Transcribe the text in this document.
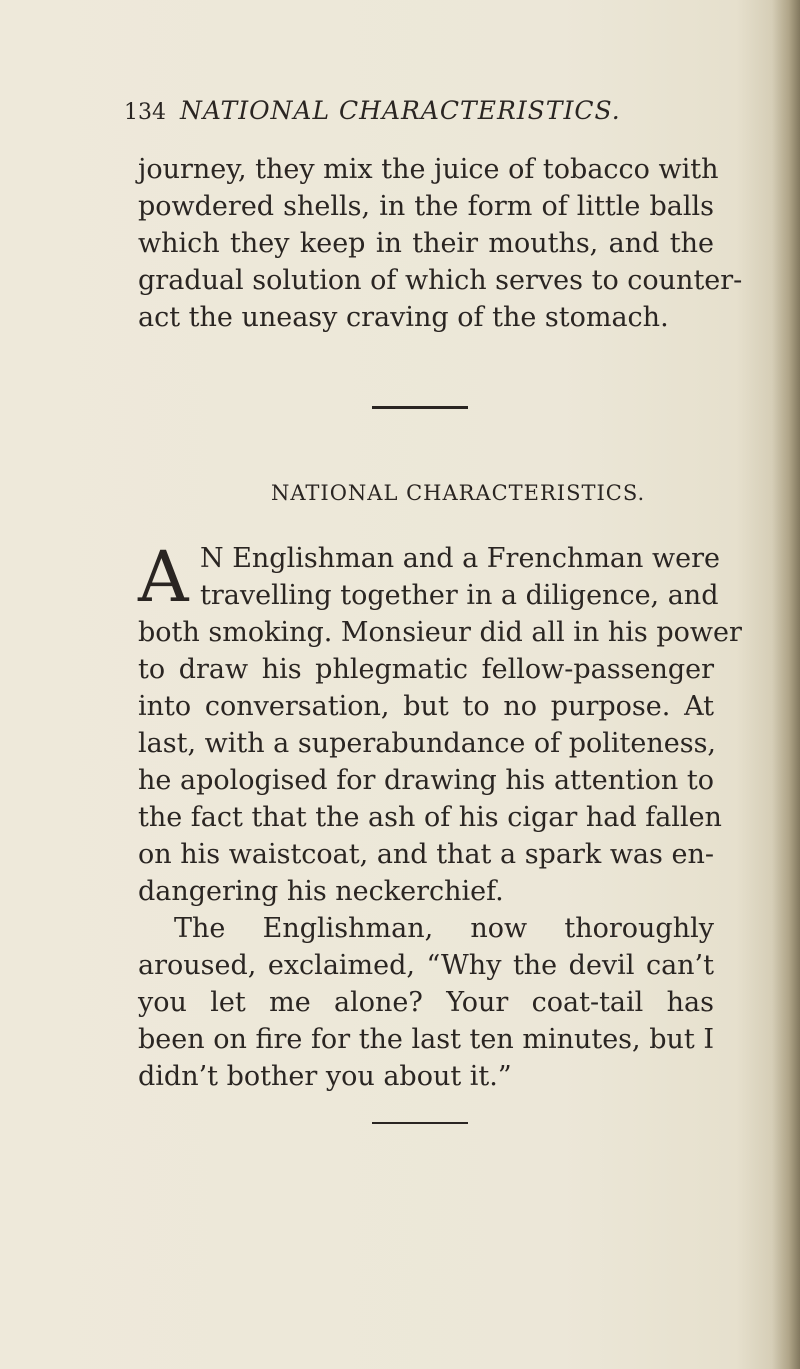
134 NATIONAL CHARACTERISTICS.
journey, they mix the juice of tobacco with
powdered shells, in the form of little balls
which they keep in their mouths, and the
gradual solution of which serves to counter-
act the uneasy craving of the stomach.
NATIONAL CHARACTERISTICS.
A N Englishman and a Frenchman were
travelling together in a diligence, and
both smoking. Monsieur did all in his power
to draw his phlegmatic fellow-passenger
into conversation, but to no purpose. At
last, with a superabundance of politeness,
he apologised for drawing his attention to
the fact that the ash of his cigar had fallen
on his waistcoat, and that a spark was en-
dangering his neckerchief.
The Englishman, now thoroughly
aroused, exclaimed, “Why the devil can’t
you let me alone? Your coat-tail has
been on fire for the last ten minutes, but I
didn’t bother you about it.”
